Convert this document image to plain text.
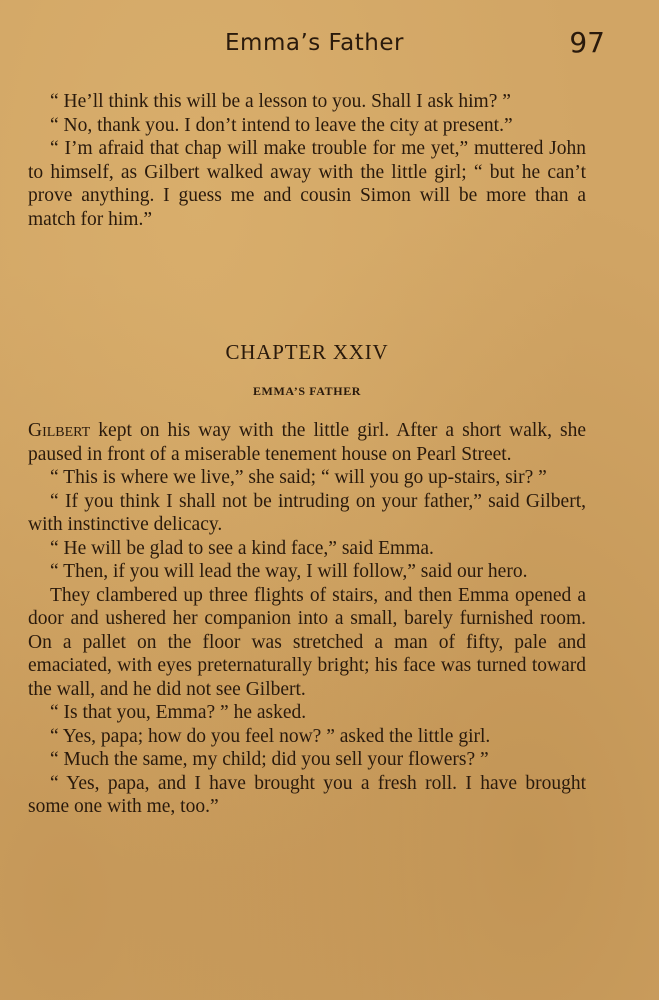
Emma’s Father	97

“ He’ll think this will be a lesson to you. Shall I ask him? ”

“ No, thank you. I don’t intend to leave the city at present.”

“ I’m afraid that chap will make trouble for me yet,” muttered John to himself, as Gilbert walked away with the little girl; “ but he can’t prove anything. I guess me and cousin Simon will be more than a match for him.”

CHAPTER XXIV
EMMA’S FATHER

Gilbert kept on his way with the little girl. After a short walk, she paused in front of a miserable tenement house on Pearl Street.

“ This is where we live,” she said; “ will you go up-stairs, sir? ”

“ If you think I shall not be intruding on your father,” said Gilbert, with instinctive delicacy.

“ He will be glad to see a kind face,” said Emma.

“ Then, if you will lead the way, I will follow,” said our hero.

They clambered up three flights of stairs, and then Emma opened a door and ushered her companion into a small, barely furnished room. On a pallet on the floor was stretched a man of fifty, pale and emaciated, with eyes preternaturally bright; his face was turned toward the wall, and he did not see Gilbert.

“ Is that you, Emma? ” he asked.

“ Yes, papa; how do you feel now? ” asked the little girl.

“ Much the same, my child; did you sell your flowers? ”

“ Yes, papa, and I have brought you a fresh roll. I have brought some one with me, too.”
